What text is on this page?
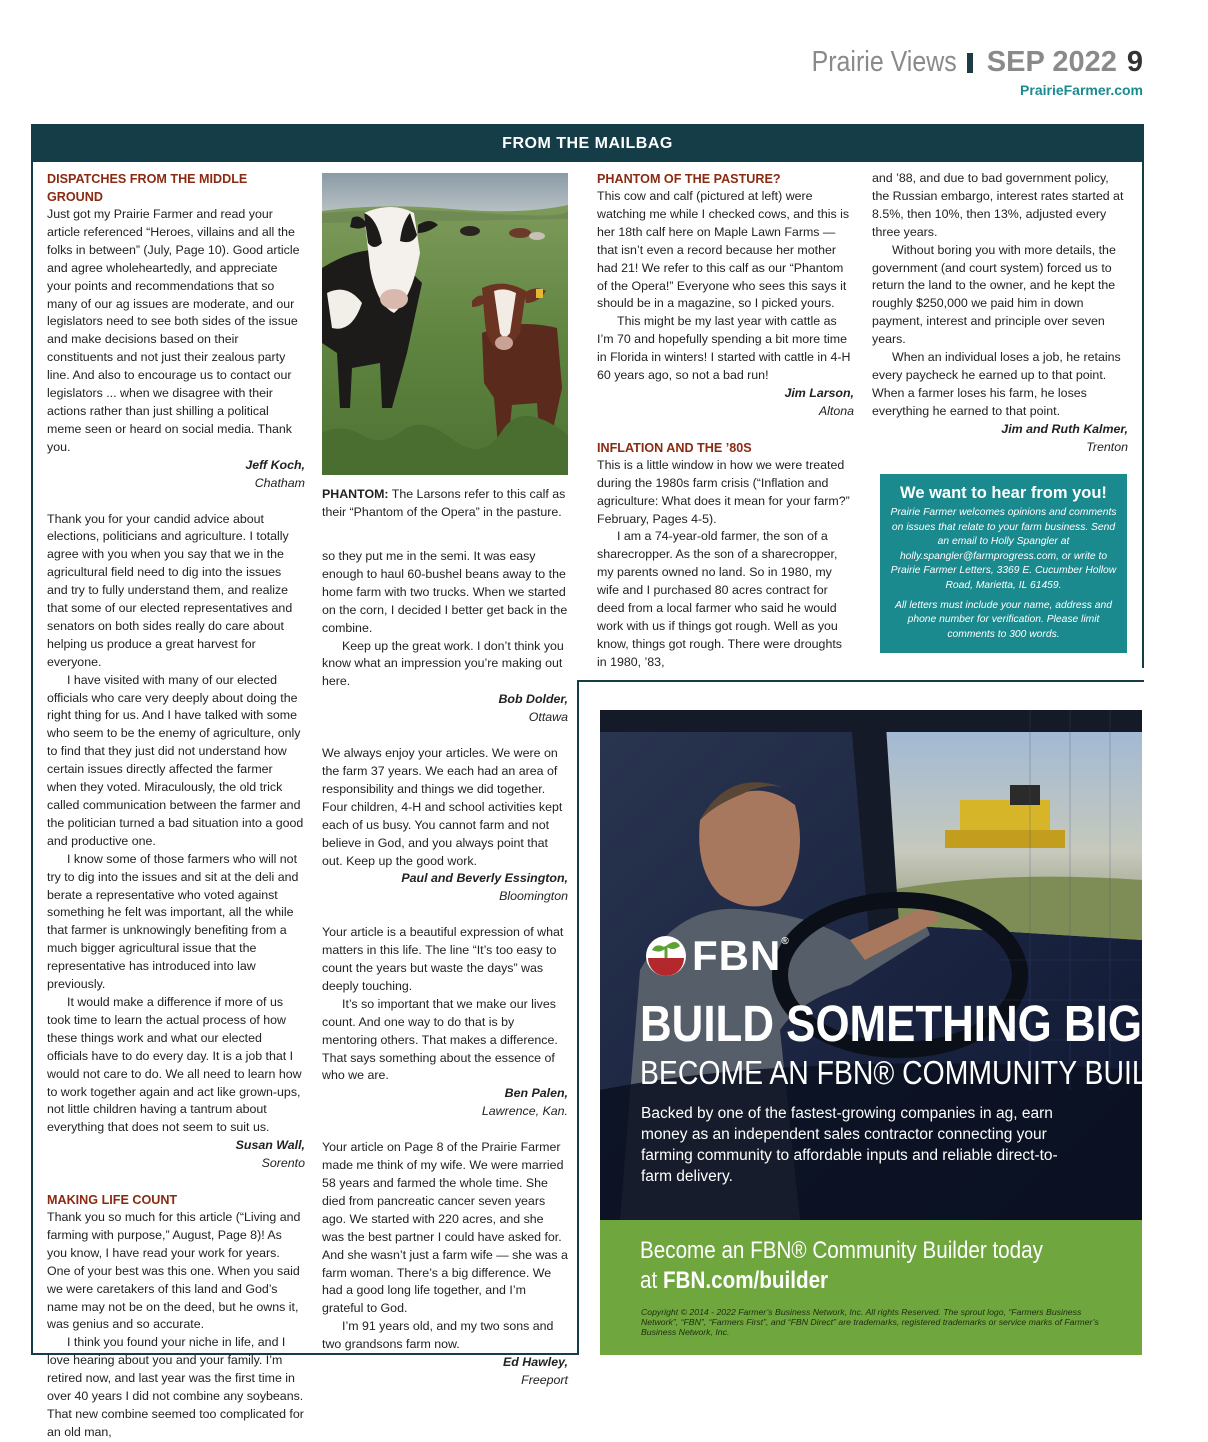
Prairie Views SEP 2022 9
PrairieFarmer.com
FROM THE MAILBAG
DISPATCHES FROM THE MIDDLE GROUND

Just got my Prairie Farmer and read your article referenced “Heroes, villains and all the folks in between” (July, Page 10). Good article and agree wholeheartedly, and appreciate your points and recommendations that so many of our ag issues are moderate, and our legislators need to see both sides of the issue and make decisions based on their constituents and not just their zealous party line. And also to encourage us to contact our legislators ... when we disagree with their actions rather than just shilling a political meme seen or heard on social media. Thank you.

Jeff Koch,

Chatham

Thank you for your candid advice about elections, politicians and agriculture. I totally agree with you when you say that we in the agricultural field need to dig into the issues and try to fully understand them, and realize that some of our elected representatives and senators on both sides really do care about helping us produce a great harvest for everyone.

I have visited with many of our elected officials who care very deeply about doing the right thing for us. And I have talked with some who seem to be the enemy of agriculture, only to find that they just did not understand how certain issues directly affected the farmer when they voted. Miraculously, the old trick called communication between the farmer and the politician turned a bad situation into a good and productive one.

I know some of those farmers who will not try to dig into the issues and sit at the deli and berate a representative who voted against something he felt was important, all the while that farmer is unknowingly benefiting from a much bigger agricultural issue that the representative has introduced into law previously.

It would make a difference if more of us took time to learn the actual process of how these things work and what our elected officials have to do every day. It is a job that I would not care to do. We all need to learn how to work together again and act like grown-ups, not little children having a tantrum about everything that does not seem to suit us.

Susan Wall,

Sorento

MAKING LIFE COUNT

Thank you so much for this article (“Living and farming with purpose,” August, Page 8)! As you know, I have read your work for years. One of your best was this one. When you said we were caretakers of this land and God’s name may not be on the deed, but he owns it, was genius and so accurate.

I think you found your niche in life, and I love hearing about you and your family. I’m retired now, and last year was the first time in over 40 years I did not combine any soybeans. That new combine seemed too complicated for an old man,

PHANTOM: The Larsons refer to this calf as their “Phantom of the Opera” in the pasture.

so they put me in the semi. It was easy enough to haul 60-bushel beans away to the home farm with two trucks. When we started on the corn, I decided I better get back in the combine.

Keep up the great work. I don’t think you know what an impression you’re making out here.

Bob Dolder,

Ottawa

We always enjoy your articles. We were on the farm 37 years. We each had an area of responsibility and things we did together. Four children, 4-H and school activities kept each of us busy. You cannot farm and not believe in God, and you always point that out. Keep up the good work.

Paul and Beverly Essington,

Bloomington

Your article is a beautiful expression of what matters in this life. The line “It’s too easy to count the years but waste the days” was deeply touching.

It’s so important that we make our lives count. And one way to do that is by mentoring others. That makes a difference. That says something about the essence of who we are.

Ben Palen,

Lawrence, Kan.

Your article on Page 8 of the Prairie Farmer made me think of my wife. We were married 58 years and farmed the whole time. She died from pancreatic cancer seven years ago. We started with 220 acres, and she was the best partner I could have asked for. And she wasn’t just a farm wife — she was a farm woman. There’s a big difference. We had a good long life together, and I’m grateful to God.

I’m 91 years old, and my two sons and two grandsons farm now.

Ed Hawley,

Freeport

PHANTOM OF THE PASTURE?

This cow and calf (pictured at left) were watching me while I checked cows, and this is her 18th calf here on Maple Lawn Farms — that isn’t even a record because her mother had 21! We refer to this calf as our “Phantom of the Opera!” Everyone who sees this says it should be in a magazine, so I picked yours.

This might be my last year with cattle as I’m 70 and hopefully spending a bit more time in Florida in winters! I started with cattle in 4-H 60 years ago, so not a bad run!

Jim Larson,

Altona

INFLATION AND THE ’80S

This is a little window in how we were treated during the 1980s farm crisis (“Inflation and agriculture: What does it mean for your farm?” February, Pages 4-5).

I am a 74-year-old farmer, the son of a sharecropper. As the son of a sharecropper, my parents owned no land. So in 1980, my wife and I purchased 80 acres contract for deed from a local farmer who said he would work with us if things got rough. Well as you know, things got rough. There were droughts in 1980, ’83,

and ’88, and due to bad government policy, the Russian embargo, interest rates started at 8.5%, then 10%, then 13%, adjusted every three years.

Without boring you with more details, the government (and court system) forced us to return the land to the owner, and he kept the roughly $250,000 we paid him in down payment, interest and principle over seven years.

When an individual loses a job, he retains every paycheck he earned up to that point. When a farmer loses his farm, he loses everything he earned to that point.

Jim and Ruth Kalmer,

Trenton

We want to hear from you!
Prairie Farmer welcomes opinions and comments on issues that relate to your farm business. Send an email to Holly Spangler at holly.spangler@farmprogress.com, or write to Prairie Farmer Letters, 3369 E. Cucumber Hollow Road, Marietta, IL 61459.
All letters must include your name, address and phone number for verification. Please limit comments to 300 words.
FBN®
BUILD SOMETHING BIG
BECOME AN FBN® COMMUNITY BUILDER
Backed by one of the fastest-growing companies in ag, earn money as an independent sales contractor connecting your farming community to affordable inputs and reliable direct-to-farm delivery.
Become an FBN® Community Builder today
at FBN.com/builder
Copyright © 2014 - 2022 Farmer’s Business Network, Inc. All rights Reserved. The sprout logo, “Farmers Business Network”, “FBN”, “Farmers First”, and “FBN Direct” are trademarks, registered trademarks or service marks of Farmer’s Business Network, Inc.
